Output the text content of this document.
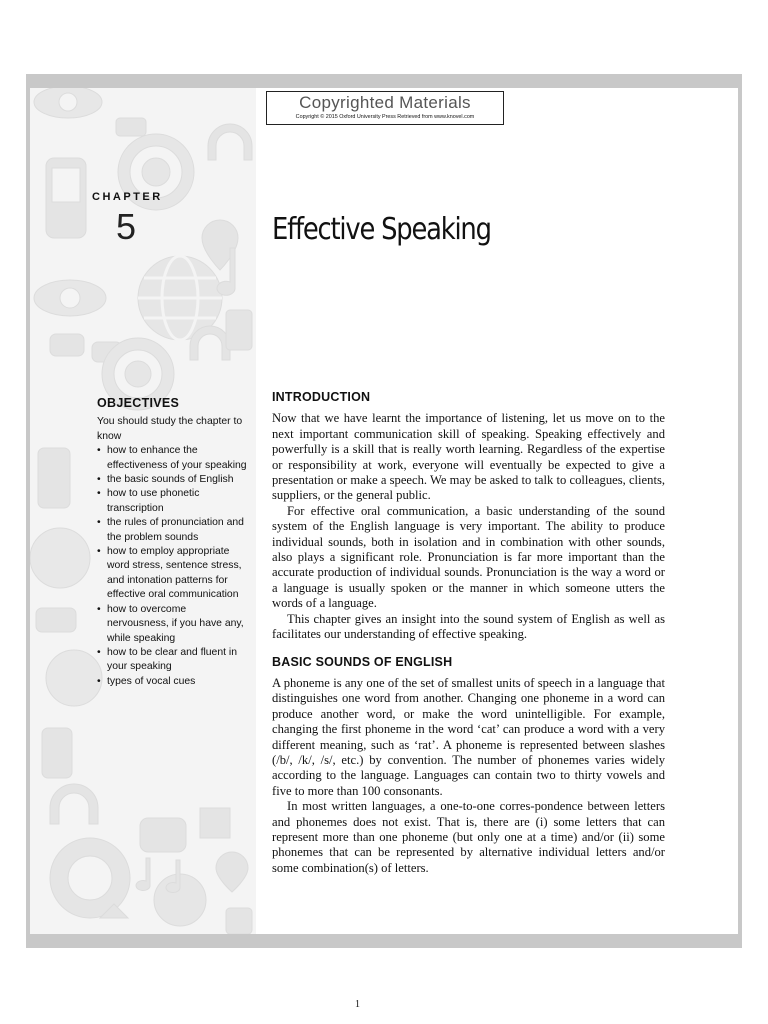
Copyrighted Materials
Copyright © 2015 Oxford University Press Retrieved from www.knovel.com
CHAPTER
5	Effective Speaking
OBJECTIVES
You should study the chapter to know
• how to enhance the effectiveness of your speaking
• the basic sounds of English
• how to use phonetic transcription
• the rules of pronunciation and the problem sounds
• how to employ appropriate word stress, sentence stress, and intonation patterns for effective oral communication
• how to overcome nervousness, if you have any, while speaking
• how to be clear and fluent in your speaking
• types of vocal cues
INTRODUCTION

Now that we have learnt the importance of listening, let us move on to the next important communication skill of speaking. Speaking effectively and powerfully is a skill that is really worth learning. Regardless of the expertise or responsibility at work, everyone will eventually be expected to give a presentation or make a speech. We may be asked to talk to colleagues, clients, suppliers, or the general public.

For effective oral communication, a basic understanding of the sound system of the English language is very important. The ability to produce individual sounds, both in isolation and in combination with other sounds, also plays a significant role. Pronunciation is far more important than the accurate production of individual sounds. Pronunciation is the way a word or a language is usually spoken or the manner in which someone utters the words of a language.

This chapter gives an insight into the sound system of English as well as facilitates our understanding of effective speaking.

BASIC SOUNDS OF ENGLISH

A phoneme is any one of the set of smallest units of speech in a language that distinguishes one word from another. Changing one phoneme in a word can produce another word, or make the word unintelligible. For example, changing the first phoneme in the word ‘cat’ can produce a word with a very different meaning, such as ‘rat’. A phoneme is represented between slashes (/b/, /k/, /s/, etc.) by convention. The number of phonemes varies widely according to the language. Languages can contain two to thirty vowels and five to more than 100 consonants.

In most written languages, a one-to-one corres-pondence between letters and phonemes does not exist. That is, there are (i) some letters that can represent more than one phoneme (but only one at a time) and/or (ii) some phonemes that can be represented by alternative individual letters and/or some combination(s) of letters.

1
